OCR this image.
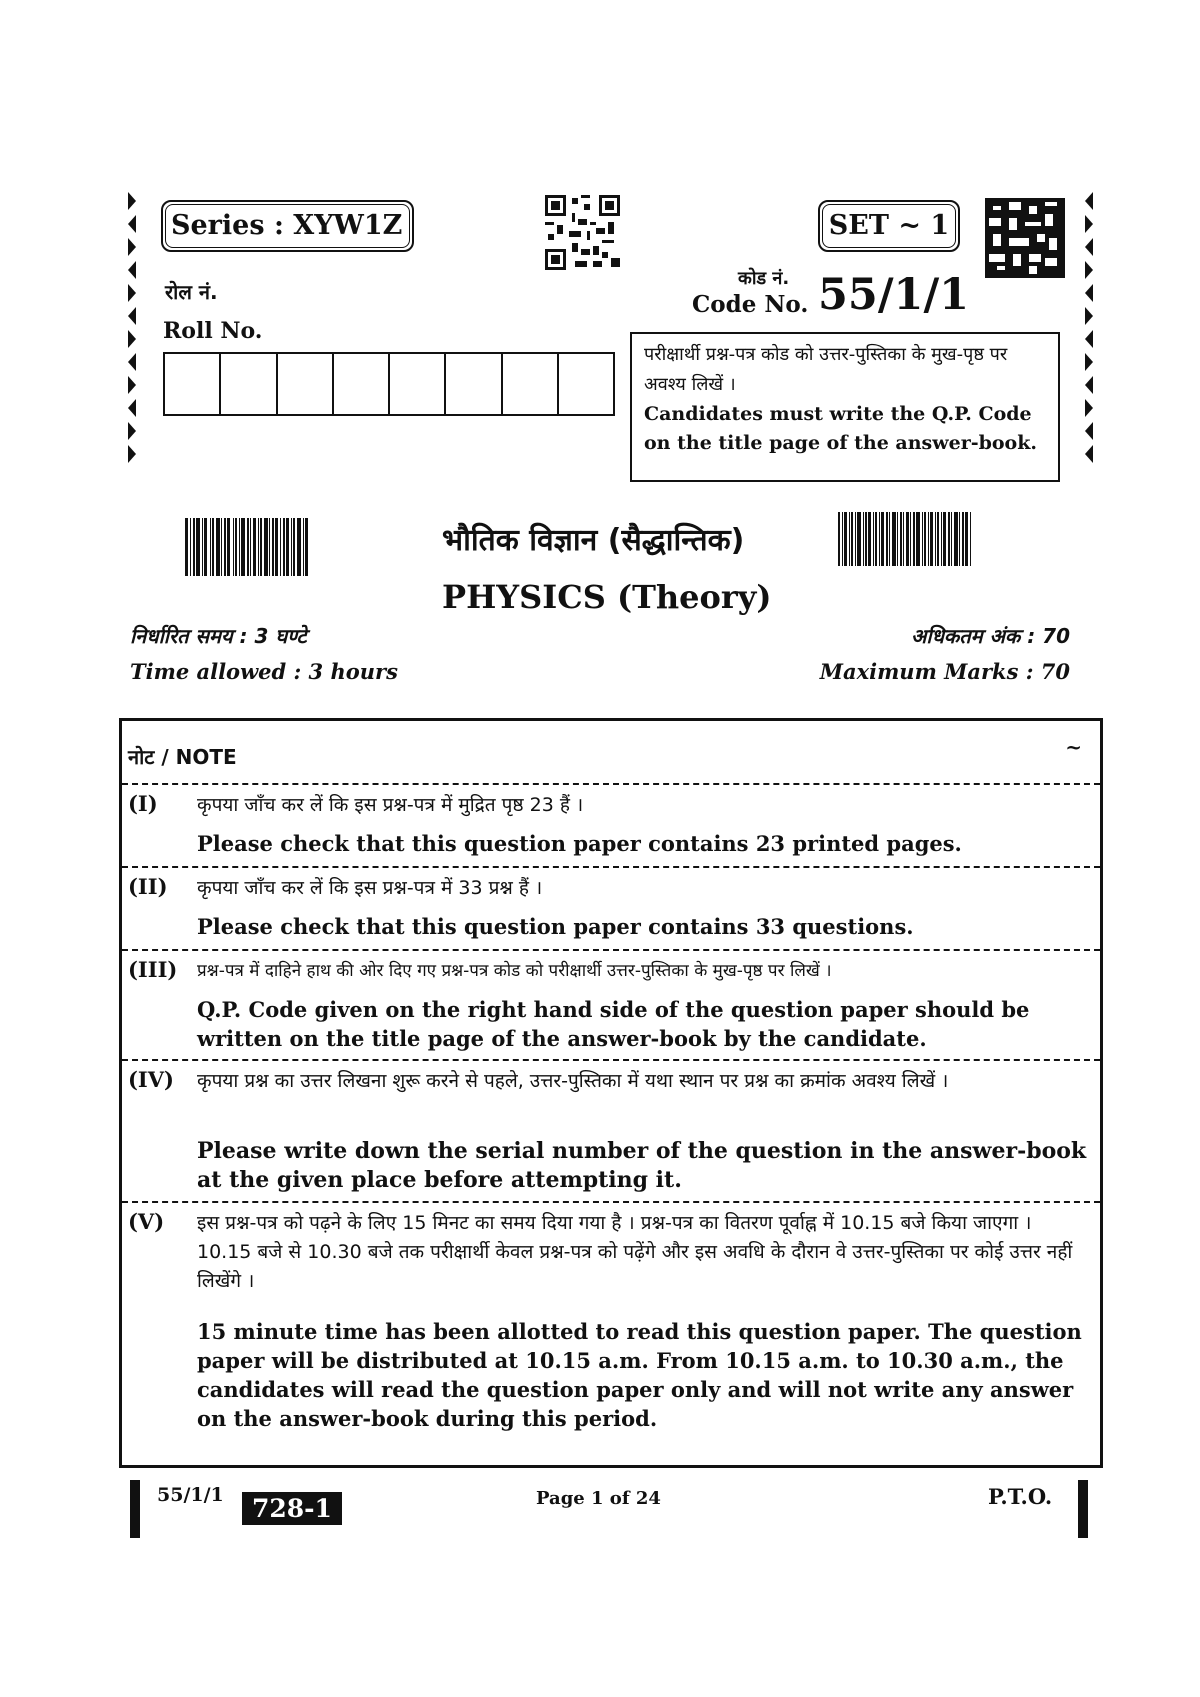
Series : XYW1Z	SET ~ 1
रोल नं.
Roll No.
कोड नं.
Code No. 55/1/1
परीक्षार्थी प्रश्न-पत्र कोड को उत्तर-पुस्तिका के मुख-पृष्ठ पर अवश्य लिखें ।
Candidates must write the Q.P. Code on the title page of the answer-book.
भौतिक विज्ञान (सैद्धान्तिक)
PHYSICS (Theory)
निर्धारित समय : 3 घण्टे
Time allowed : 3 hours
अधिकतम अंक : 70
Maximum Marks : 70
नोट / NOTE	~
(I) कृपया जाँच कर लें कि इस प्रश्न-पत्र में मुद्रित पृष्ठ 23 हैं ।
Please check that this question paper contains 23 printed pages.
(II) कृपया जाँच कर लें कि इस प्रश्न-पत्र में 33 प्रश्न हैं ।
Please check that this question paper contains 33 questions.
(III) प्रश्न-पत्र में दाहिने हाथ की ओर दिए गए प्रश्न-पत्र कोड को परीक्षार्थी उत्तर-पुस्तिका के मुख-पृष्ठ पर लिखें ।
Q.P. Code given on the right hand side of the question paper should be written on the title page of the answer-book by the candidate.
(IV) कृपया प्रश्न का उत्तर लिखना शुरू करने से पहले, उत्तर-पुस्तिका में यथा स्थान पर प्रश्न का क्रमांक अवश्य लिखें ।
Please write down the serial number of the question in the answer-book at the given place before attempting it.
(V) इस प्रश्न-पत्र को पढ़ने के लिए 15 मिनट का समय दिया गया है । प्रश्न-पत्र का वितरण पूर्वाह्न में 10.15 बजे किया जाएगा । 10.15 बजे से 10.30 बजे तक परीक्षार्थी केवल प्रश्न-पत्र को पढ़ेंगे और इस अवधि के दौरान वे उत्तर-पुस्तिका पर कोई उत्तर नहीं लिखेंगे ।
15 minute time has been allotted to read this question paper. The question paper will be distributed at 10.15 a.m. From 10.15 a.m. to 10.30 a.m., the candidates will read the question paper only and will not write any answer on the answer-book during this period.
55/1/1	728-1	Page 1 of 24	P.T.O.
